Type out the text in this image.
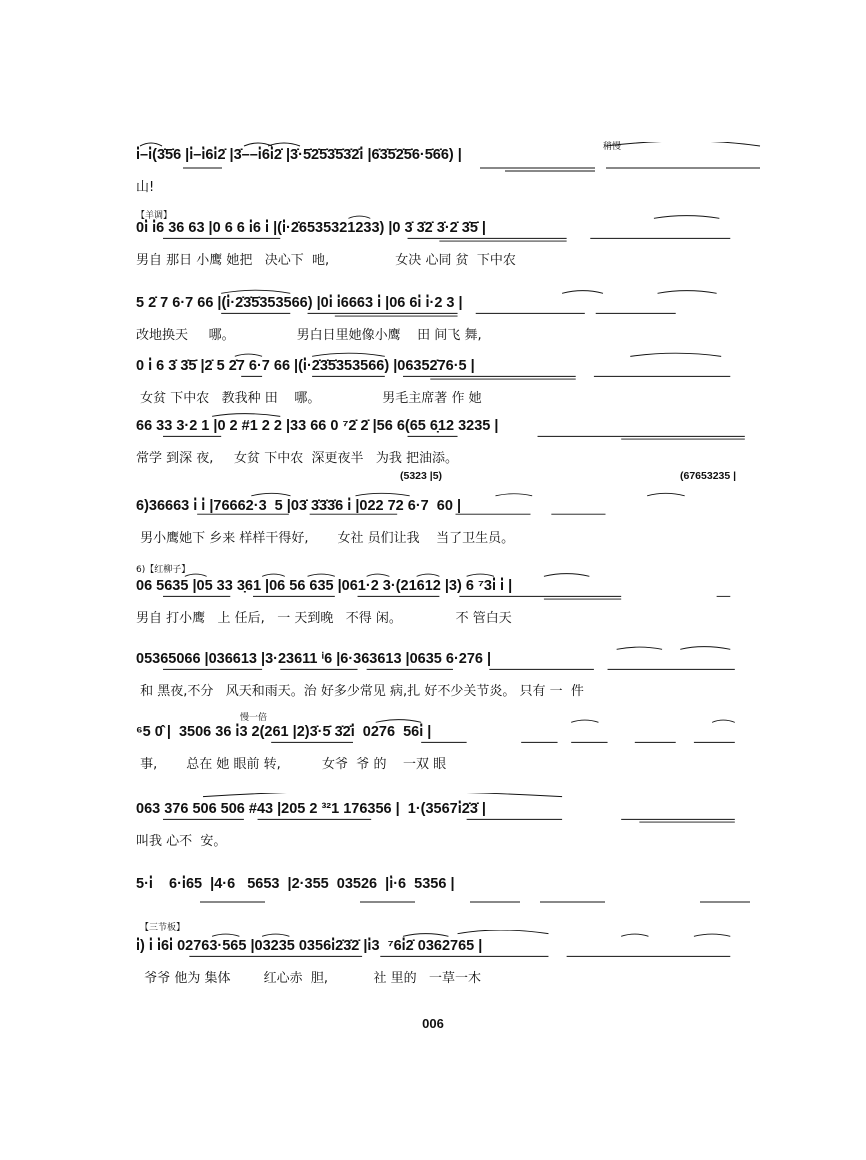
稍慢
i̇–i̇(3̇5̇6 |i̇–i̇6i̇2̇ |3̇––i̇6i̇2̇ |3̇·5̇2̇5̇3̇5̇3̇2̇i̇ |6̇3̇5̇2̇5̇6·5̇6̇6) |
山!
【羊调】
0i̇ i̇6 36 63 |0 6 6 i̇6 i̇ |(i̇·2̇6535321233) |0 3̇ 3̇2̇ 3̇·2̇ 3̇5̇ |
男自 那日 小鹰 她把   决心下  吔,                女决 心同 贫  下中农
5 2̇ 7 6·7 66 |(i̇·2̇3̇5̇353566) |0i̇ i̇6663 i̇ |06 6i̇ i̇·2 3 |
改地换天     哪。               男白日里她像小鹰    田 间飞 舞,
0 i̇ 6 3̇ 3̇5̇ |2̇ 5 2̇7 6·7 66 |(i̇·2̇3̇5̇353566) |06352̇76·5 |
女贫 下中农   教我种 田    哪。               男毛主席著 作 她
66 33 3·2 1 |0 2 #1 2 2 |33 66 0 ⁷2̇ 2̇ |56 6(65 6̣12 3235 |
常学 到深 夜,     女贫 下中农  深更夜半   为我 把油添。
(5323 |5)	(67653235 |
6)36663 i̇ i̇ |76662·3  5 |03̇ 3̇3̇3̇6 i̇ |022 72 6·7  60 |
男小鹰她下 乡来 样样干得好,       女社 员们让我    当了卫生员。
6)【红柳子】
06 5635 |05 33 3̣61 |06 56 635 |061·2 3·(21612 |3) 6 ⁷3i̇ i̇ |
男自 打小鹰   上 任后,   一 天到晚   不得 闲。             不 管白天
05365066 |036613 |3·23611 ⁱ6 |6·363613 |0635 6·276 |
和 黑夜,不分   风天和雨天。治 好多少常见 病,扎 好不少关节炎。 只有 一  件
慢一倍
⁶5 0̂ |  3506 36 i̇3 2(261 |2)3̇·5̇ 3̇2̇i̇  0276  56i̇ |
事,       总在 她 眼前 转,          女爷  爷 的    一双 眼
063 376 506 506 #43 |205 2 ³²1 176356 |  1·(3567i̇2̇3̇ |
叫我 心不  安。
5·i̇    6·i̇65  |4·6   5653  |2·355  03526  |i̇·6  5356 |
【三节板】
i̇) i̇ i̇6i̇ 02763·565 |03235 0356i̇2̇3̇2̇ |i̇3  ⁷6i̇2̇ 0362765 |
爷爷 他为 集体        红心赤  胆,           社 里的   一草一木
006
